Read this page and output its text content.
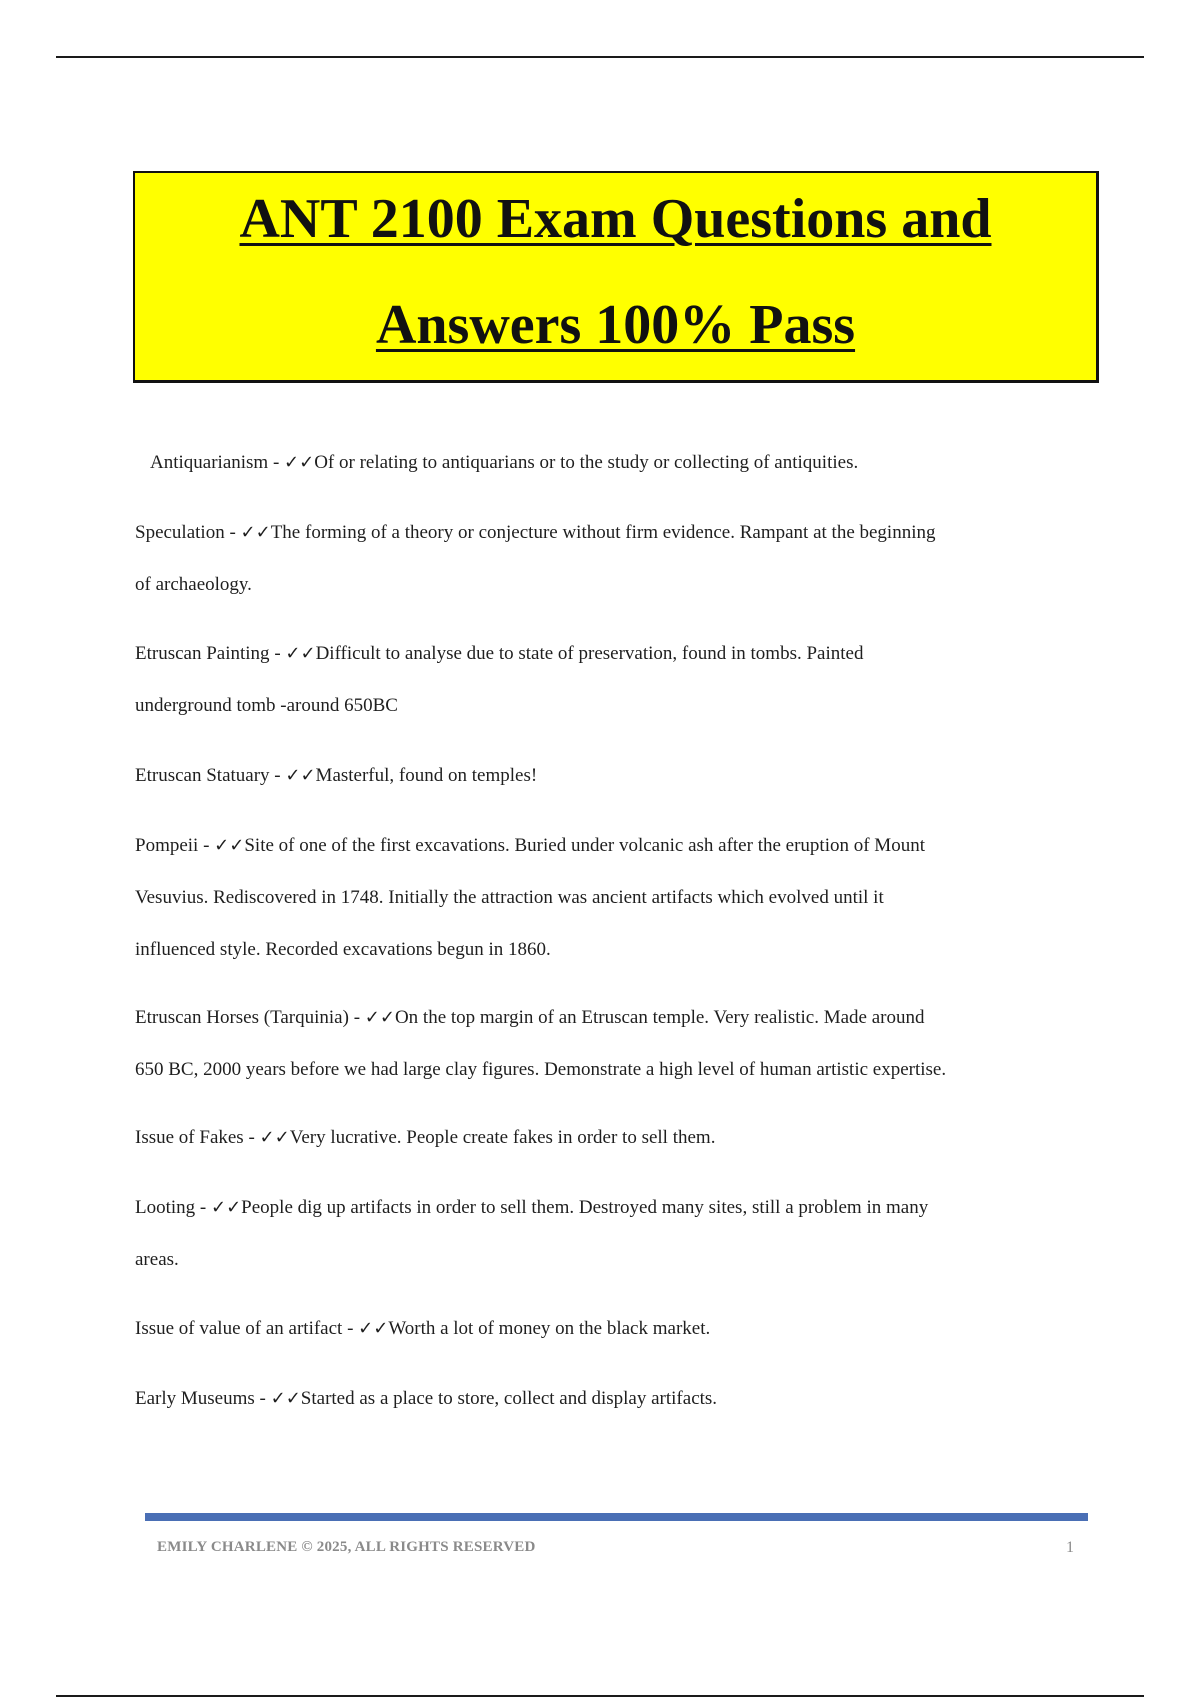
ANT 2100 Exam Questions and
Answers 100% Pass
Antiquarianism - ✓✓Of or relating to antiquarians or to the study or collecting of antiquities.
Speculation - ✓✓The forming of a theory or conjecture without firm evidence. Rampant at the beginning
of archaeology.
Etruscan Painting - ✓✓Difficult to analyse due to state of preservation, found in tombs. Painted
underground tomb -around 650BC
Etruscan Statuary - ✓✓Masterful, found on temples!
Pompeii - ✓✓Site of one of the first excavations. Buried under volcanic ash after the eruption of Mount
Vesuvius. Rediscovered in 1748. Initially the attraction was ancient artifacts which evolved until it
influenced style. Recorded excavations begun in 1860.
Etruscan Horses (Tarquinia) - ✓✓On the top margin of an Etruscan temple. Very realistic. Made around
650 BC, 2000 years before we had large clay figures. Demonstrate a high level of human artistic expertise.
Issue of Fakes - ✓✓Very lucrative. People create fakes in order to sell them.
Looting - ✓✓People dig up artifacts in order to sell them. Destroyed many sites, still a problem in many
areas.
Issue of value of an artifact - ✓✓Worth a lot of money on the black market.
Early Museums - ✓✓Started as a place to store, collect and display artifacts.
EMILY CHARLENE © 2025, ALL RIGHTS RESERVED	1
